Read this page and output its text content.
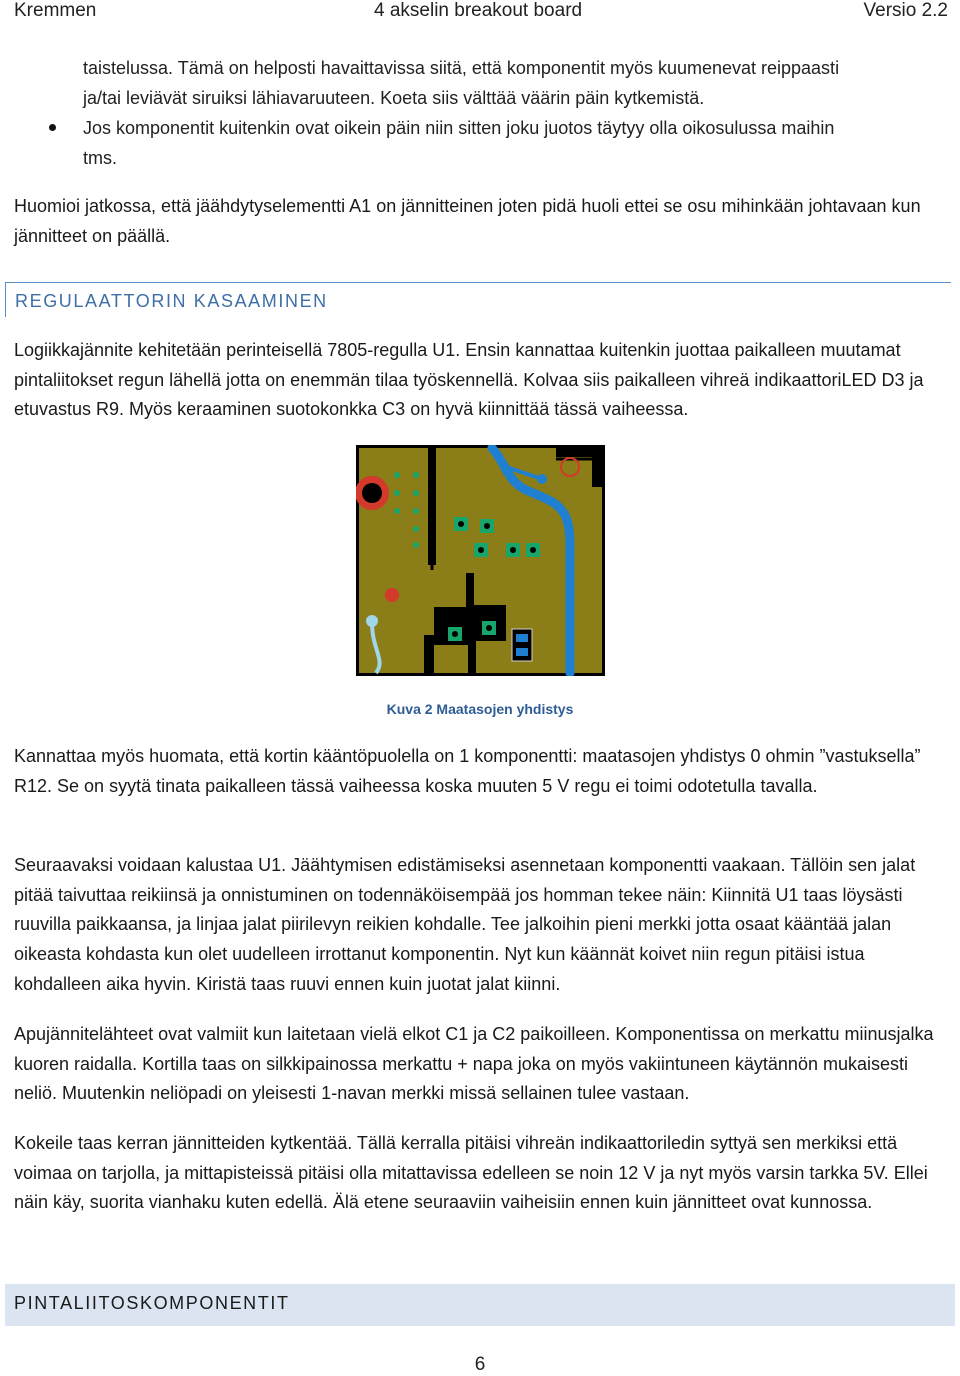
Kremmen	4 akselin breakout board	Versio 2.2
taistelussa. Tämä on helposti havaittavissa siitä, että komponentit myös kuumenevat reippaasti
ja/tai leviävät siruiksi lähiavaruuteen. Koeta siis välttää väärin päin kytkemistä.
Jos komponentit kuitenkin ovat oikein päin niin sitten joku juotos täytyy olla oikosulussa maihin
tms.

Huomioi jatkossa, että jäähdytyselementti A1 on jännitteinen joten pidä huoli ettei se osu mihinkään johtavaan kun jännitteet on päällä.

REGULAATTORIN KASAAMINEN

Logiikkajännite kehitetään perinteisellä 7805-regulla U1. Ensin kannattaa kuitenkin juottaa paikalleen muutamat pintaliitokset regun lähellä jotta on enemmän tilaa työskennellä. Kolvaa siis paikalleen vihreä indikaattoriLED D3 ja etuvastus R9. Myös keraaminen suotokonkka C3 on hyvä kiinnittää tässä vaiheessa.

Kuva 2 Maatasojen yhdistys

Kannattaa myös huomata, että kortin kääntöpuolella on 1 komponentti: maatasojen yhdistys 0 ohmin ”vastuksella” R12. Se on syytä tinata paikalleen tässä vaiheessa koska muuten 5 V regu ei toimi odotetulla tavalla.

Seuraavaksi voidaan kalustaa U1. Jäähtymisen edistämiseksi asennetaan komponentti vaakaan. Tällöin sen jalat pitää taivuttaa reikiinsä ja onnistuminen on todennäköisempää jos homman tekee näin: Kiinnitä U1 taas löysästi ruuvilla paikkaansa, ja linjaa jalat piirilevyn reikien kohdalle. Tee jalkoihin pieni merkki jotta osaat kääntää jalan oikeasta kohdasta kun olet uudelleen irrottanut komponentin. Nyt kun käännät koivet niin regun pitäisi istua kohdalleen aika hyvin. Kiristä taas ruuvi ennen kuin juotat jalat kiinni.

Apujännitelähteet ovat valmiit kun laitetaan vielä elkot C1 ja C2 paikoilleen. Komponentissa on merkattu miinusjalka kuoren raidalla. Kortilla taas on silkkipainossa merkattu + napa joka on myös vakiintuneen käytännön mukaisesti neliö. Muutenkin neliöpadi on yleisesti 1-navan merkki missä sellainen tulee vastaan.

Kokeile taas kerran jännitteiden kytkentää. Tällä kerralla pitäisi vihreän indikaattoriledin syttyä sen merkiksi että voimaa on tarjolla, ja mittapisteissä pitäisi olla mitattavissa edelleen se noin 12 V ja nyt myös varsin tarkka 5V. Ellei näin käy, suorita vianhaku kuten edellä. Älä etene seuraaviin vaiheisiin ennen kuin jännitteet ovat kunnossa.

PINTALIITOSKOMPONENTIT
6
